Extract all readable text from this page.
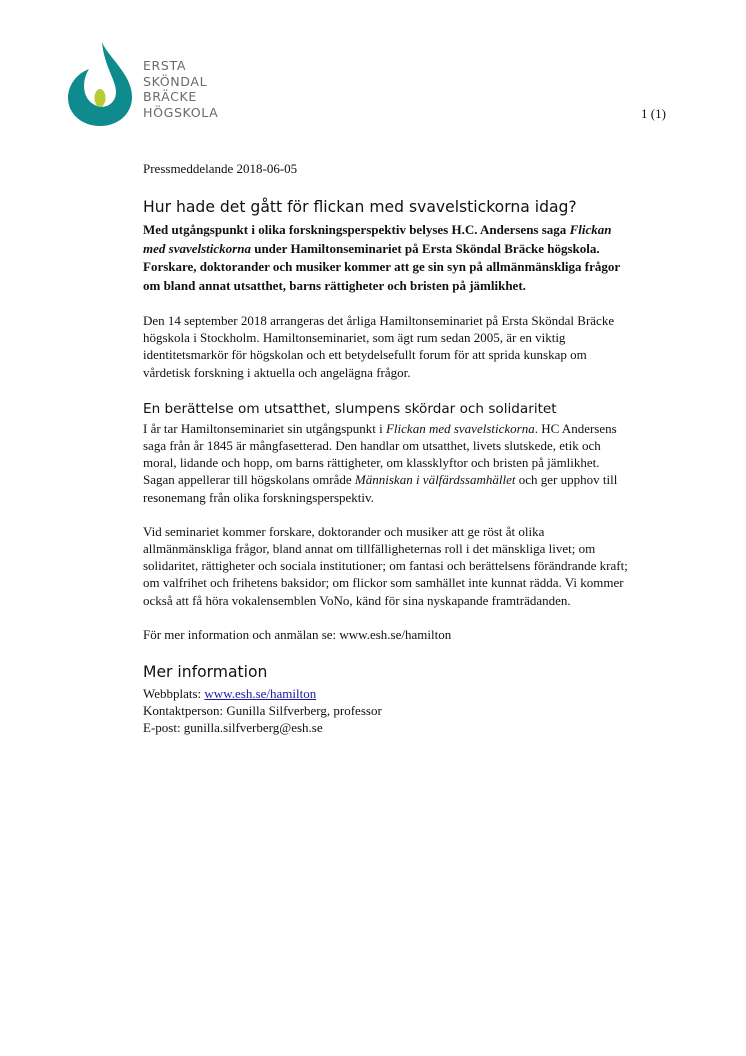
ERSTA
SKÖNDAL
BRÄCKE
HÖGSKOLA	1 (1)

Pressmeddelande 2018-06-05

Hur hade det gått för flickan med svavelstickorna idag?

Med utgångspunkt i olika forskningsperspektiv belyses H.C. Andersens saga Flickan med svavelstickorna under Hamiltonseminariet på Ersta Sköndal Bräcke högskola. Forskare, doktorander och musiker kommer att ge sin syn på allmänmänskliga frågor om bland annat utsatthet, barns rättigheter och bristen på jämlikhet.

Den 14 september 2018 arrangeras det årliga Hamiltonseminariet på Ersta Sköndal Bräcke högskola i Stockholm. Hamiltonseminariet, som ägt rum sedan 2005, är en viktig identitetsmarkör för högskolan och ett betydelsefullt forum för att sprida kunskap om vårdetisk forskning i aktuella och angelägna frågor.

En berättelse om utsatthet, slumpens skördar och solidaritet

I år tar Hamiltonseminariet sin utgångspunkt i Flickan med svavelstickorna. HC Andersens saga från år 1845 är mångfasetterad. Den handlar om utsatthet, livets slutskede, etik och moral, lidande och hopp, om barns rättigheter, om klassklyftor och bristen på jämlikhet. Sagan appellerar till högskolans område Människan i välfärdssamhället och ger upphov till resonemang från olika forskningsperspektiv.

Vid seminariet kommer forskare, doktorander och musiker att ge röst åt olika allmänmänskliga frågor, bland annat om tillfälligheternas roll i det mänskliga livet; om solidaritet, rättigheter och sociala institutioner; om fantasi och berättelsens förändrande kraft; om valfrihet och frihetens baksidor; om flickor som samhället inte kunnat rädda. Vi kommer också att få höra vokalensemblen VoNo, känd för sina nyskapande framträdanden.

För mer information och anmälan se: www.esh.se/hamilton

Mer information

Webbplats: www.esh.se/hamilton

Kontaktperson: Gunilla Silfverberg, professor

E-post: gunilla.silfverberg@esh.se
